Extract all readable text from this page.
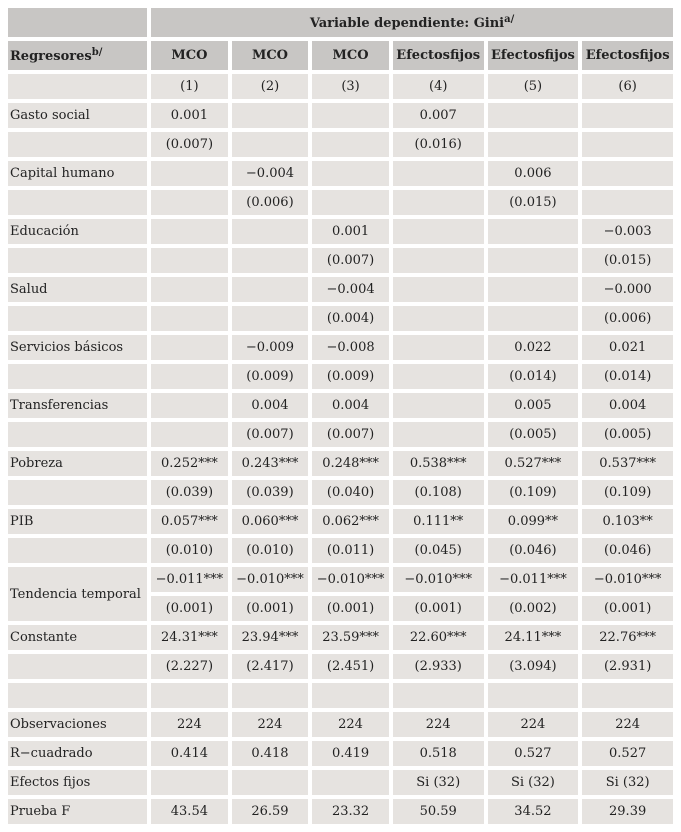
	Variable dependiente: Gini$^{a/}$
Regresores$^{b/}$	MCO	MCO	MCO	Efectosfijos	Efectosfijos	Efectosfijos
	(1)	(2)	(3)	(4)	(5)	(6)
Gasto social	0.001			0.007		
	(0.007)			(0.016)		
Capital humano		−0.004			0.006	
		(0.006)			(0.015)	
Educación			0.001			−0.003
			(0.007)			(0.015)
Salud			−0.004			−0.000
			(0.004)			(0.006)
Servicios básicos		−0.009	−0.008		0.022	0.021
		(0.009)	(0.009)		(0.014)	(0.014)
Transferencias		0.004	0.004		0.005	0.004
		(0.007)	(0.007)		(0.005)	(0.005)
Pobreza	0.252***	0.243***	0.248***	0.538***	0.527***	0.537***
	(0.039)	(0.039)	(0.040)	(0.108)	(0.109)	(0.109)
PIB	0.057***	0.060***	0.062***	0.111**	0.099**	0.103**
	(0.010)	(0.010)	(0.011)	(0.045)	(0.046)	(0.046)
Tendencia temporal	−0.011***	−0.010***	−0.010***	−0.010***	−0.011***	−0.010***
	(0.001)	(0.001)	(0.001)	(0.001)	(0.002)	(0.001)
Constante	24.31***	23.94***	23.59***	22.60***	24.11***	22.76***
	(2.227)	(2.417)	(2.451)	(2.933)	(3.094)	(2.931)

Observaciones	224	224	224	224	224	224
R−cuadrado	0.414	0.418	0.419	0.518	0.527	0.527
Efectos fijos				Si (32)	Si (32)	Si (32)
Prueba F	43.54	26.59	23.32	50.59	34.52	29.39
